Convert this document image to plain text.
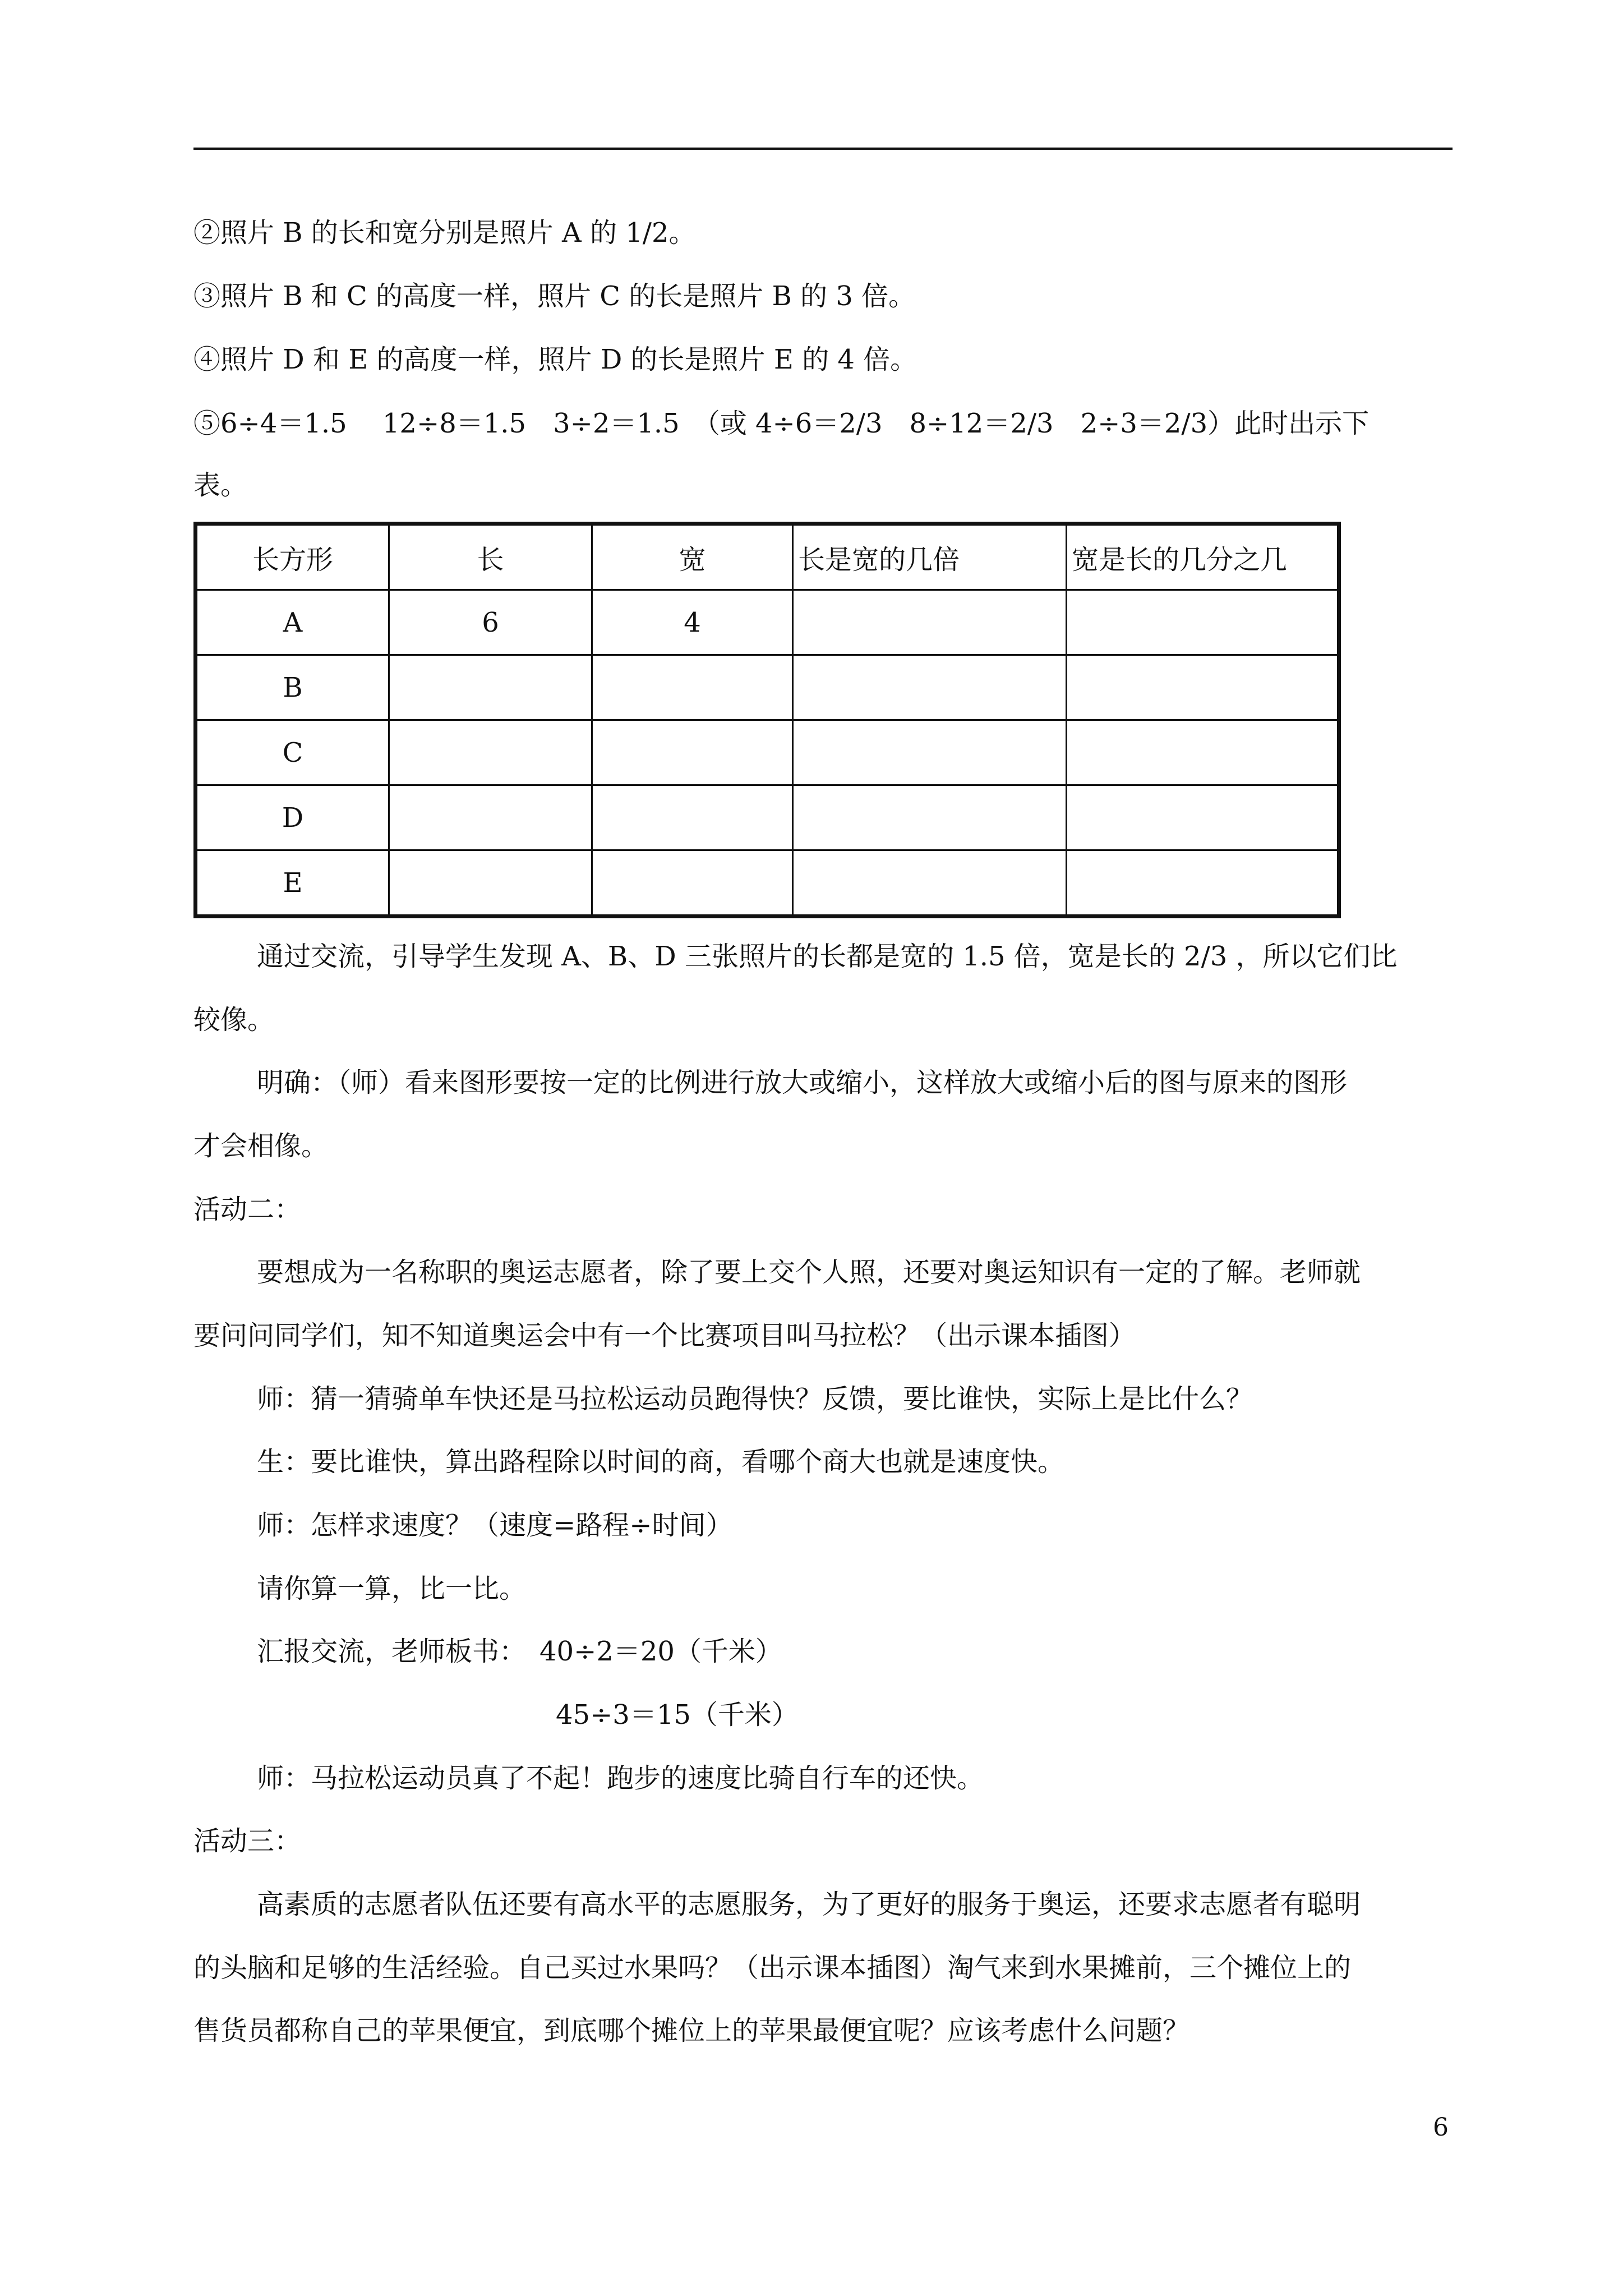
②照片 B 的长和宽分别是照片 A 的 1/2。
③照片 B 和 C 的高度一样，照片 C 的长是照片 B 的 3 倍。
④照片 D 和 E 的高度一样，照片 D 的长是照片 E 的 4 倍。
⑤6÷4＝1.5　 12÷8＝1.5　3÷2＝1.5　（或 4÷6＝2/3　8÷12＝2/3　2÷3＝2/3）此时出示下
表。
长方形	长	宽	长是宽的几倍	宽是长的几分之几
A	6	4		
B				
C				
D				
E				
通过交流，引导学生发现 A、B、D 三张照片的长都是宽的 1.5 倍，宽是长的 2/3 ，所以它们比
较像。
明确：（师）看来图形要按一定的比例进行放大或缩小，这样放大或缩小后的图与原来的图形
才会相像。
活动二：
要想成为一名称职的奥运志愿者，除了要上交个人照，还要对奥运知识有一定的了解。老师就
要问问同学们，知不知道奥运会中有一个比赛项目叫马拉松？（出示课本插图）
师：猜一猜骑单车快还是马拉松运动员跑得快？反馈，要比谁快，实际上是比什么？
生：要比谁快，算出路程除以时间的商，看哪个商大也就是速度快。
师：怎样求速度？（速度=路程÷时间）
请你算一算，比一比。
汇报交流，老师板书：　40÷2＝20（千米）
45÷3＝15（千米）
师：马拉松运动员真了不起！跑步的速度比骑自行车的还快。
活动三：
高素质的志愿者队伍还要有高水平的志愿服务，为了更好的服务于奥运，还要求志愿者有聪明
的头脑和足够的生活经验。自己买过水果吗？（出示课本插图）淘气来到水果摊前，三个摊位上的
售货员都称自己的苹果便宜，到底哪个摊位上的苹果最便宜呢？应该考虑什么问题？
6
